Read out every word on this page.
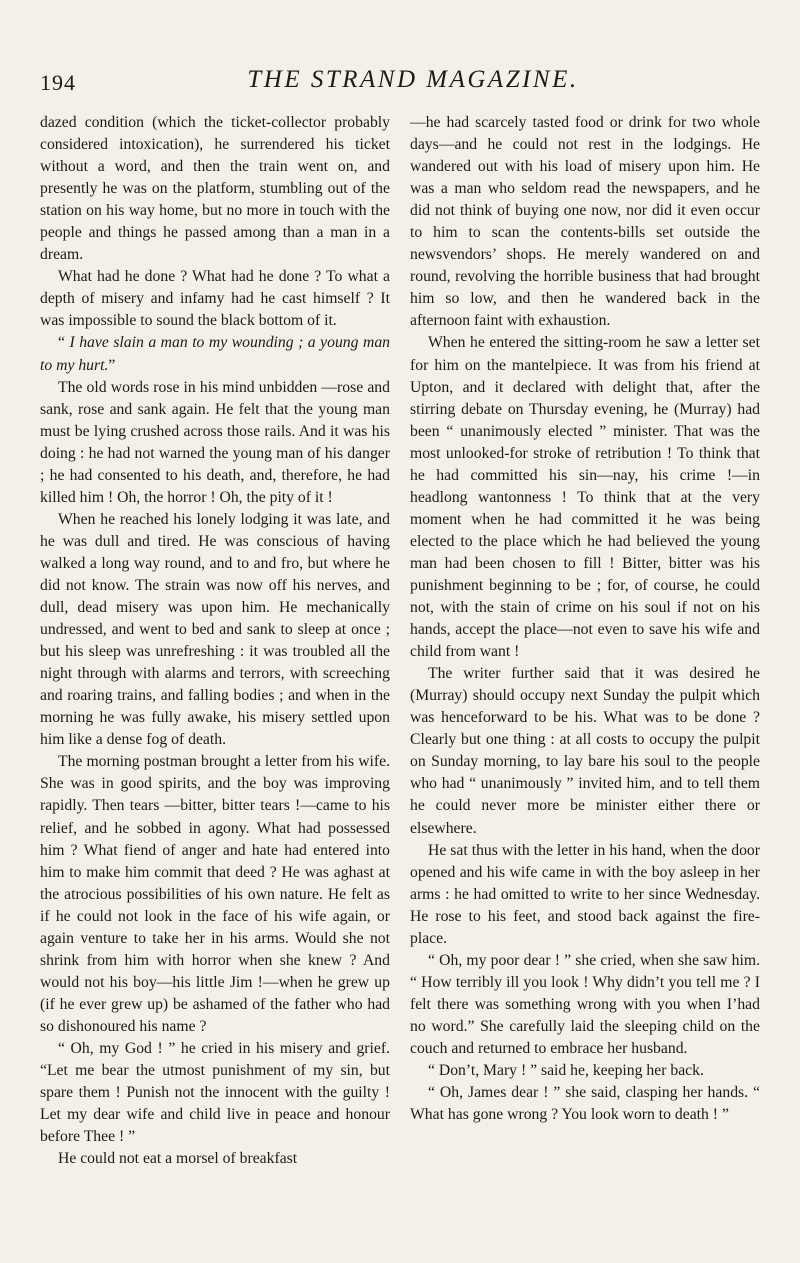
194	THE STRAND MAGAZINE.

dazed condition (which the ticket-collector probably considered intoxication), he surrendered his ticket without a word, and then the train went on, and presently he was on the platform, stumbling out of the station on his way home, but no more in touch with the people and things he passed among than a man in a dream.

What had he done ? What had he done ? To what a depth of misery and infamy had he cast himself ? It was impossible to sound the black bottom of it.

“ I have slain a man to my wounding ; a young man to my hurt.”

The old words rose in his mind unbidden —rose and sank, rose and sank again. He felt that the young man must be lying crushed across those rails. And it was his doing : he had not warned the young man of his danger ; he had consented to his death, and, therefore, he had killed him ! Oh, the horror ! Oh, the pity of it !

When he reached his lonely lodging it was late, and he was dull and tired. He was conscious of having walked a long way round, and to and fro, but where he did not know. The strain was now off his nerves, and dull, dead misery was upon him. He mechanically undressed, and went to bed and sank to sleep at once ; but his sleep was unrefreshing : it was troubled all the night through with alarms and terrors, with screeching and roaring trains, and falling bodies ; and when in the morning he was fully awake, his misery settled upon him like a dense fog of death.

The morning postman brought a letter from his wife. She was in good spirits, and the boy was improving rapidly. Then tears —bitter, bitter tears !—came to his relief, and he sobbed in agony. What had possessed him ? What fiend of anger and hate had entered into him to make him commit that deed ? He was aghast at the atrocious possibilities of his own nature. He felt as if he could not look in the face of his wife again, or again venture to take her in his arms. Would she not shrink from him with horror when she knew ? And would not his boy—his little Jim !—when he grew up (if he ever grew up) be ashamed of the father who had so dishonoured his name ?

“ Oh, my God ! ” he cried in his misery and grief. “Let me bear the utmost punishment of my sin, but spare them ! Punish not the innocent with the guilty ! Let my dear wife and child live in peace and honour before Thee ! ”

He could not eat a morsel of breakfast

—he had scarcely tasted food or drink for two whole days—and he could not rest in the lodgings. He wandered out with his load of misery upon him. He was a man who seldom read the newspapers, and he did not think of buying one now, nor did it even occur to him to scan the contents-bills set outside the newsvendors’ shops. He merely wandered on and round, revolving the horrible business that had brought him so low, and then he wandered back in the afternoon faint with exhaustion.

When he entered the sitting-room he saw a letter set for him on the mantelpiece. It was from his friend at Upton, and it declared with delight that, after the stirring debate on Thursday evening, he (Murray) had been “ unanimously elected ” minister. That was the most unlooked-for stroke of retribution ! To think that he had committed his sin—nay, his crime !—in headlong wantonness ! To think that at the very moment when he had committed it he was being elected to the place which he had believed the young man had been chosen to fill ! Bitter, bitter was his punishment beginning to be ; for, of course, he could not, with the stain of crime on his soul if not on his hands, accept the place—not even to save his wife and child from want !

The writer further said that it was desired he (Murray) should occupy next Sunday the pulpit which was henceforward to be his. What was to be done ? Clearly but one thing : at all costs to occupy the pulpit on Sunday morning, to lay bare his soul to the people who had “ unanimously ” invited him, and to tell them he could never more be minister either there or elsewhere.

He sat thus with the letter in his hand, when the door opened and his wife came in with the boy asleep in her arms : he had omitted to write to her since Wednesday. He rose to his feet, and stood back against the fire-place.

“ Oh, my poor dear ! ” she cried, when she saw him. “ How terribly ill you look ! Why didn’t you tell me ? I felt there was something wrong with you when I’had no word.” She carefully laid the sleeping child on the couch and returned to embrace her husband.

“ Don’t, Mary ! ” said he, keeping her back.

“ Oh, James dear ! ” she said, clasping her hands. “ What has gone wrong ? You look worn to death ! ”
